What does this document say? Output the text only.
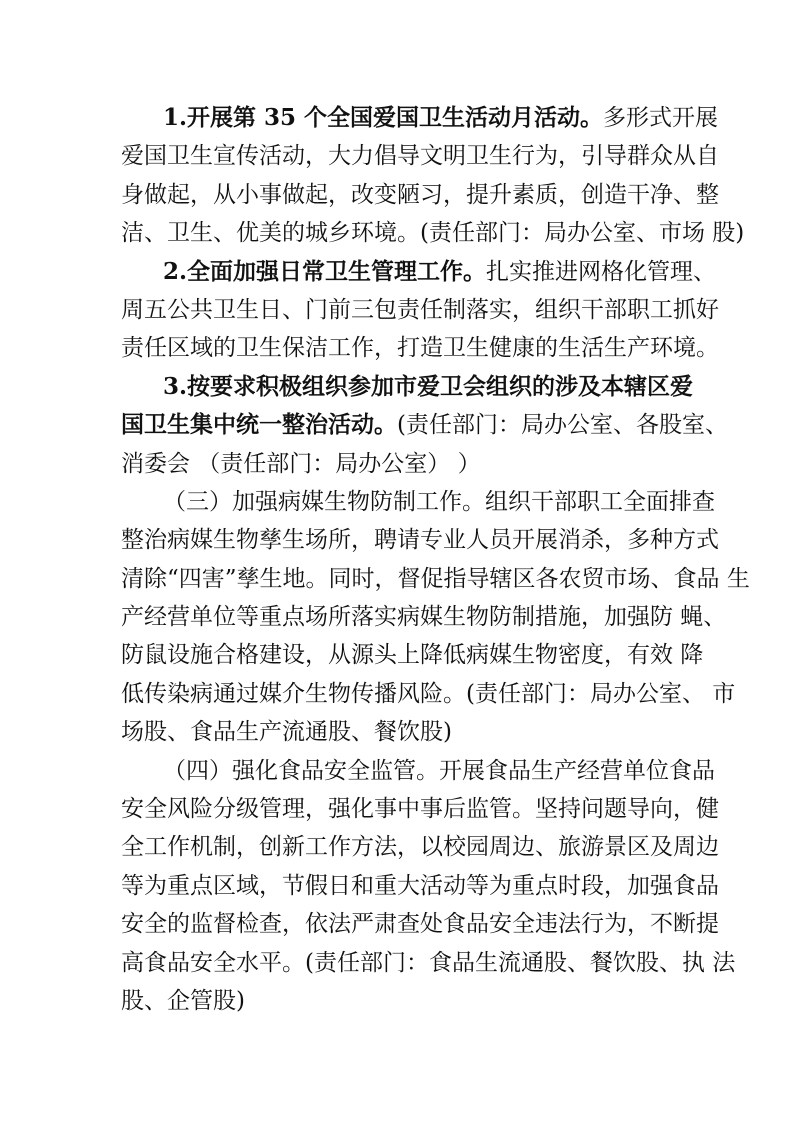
1.开展第 35 个全国爱国卫生活动月活动。多形式开展
爱国卫生宣传活动，大力倡导文明卫生行为，引导群众从自
身做起，从小事做起，改变陋习，提升素质，创造干净、整
洁、卫生、优美的城乡环境。(责任部门：局办公室、市场 股)
2.全面加强日常卫生管理工作。扎实推进网格化管理、
周五公共卫生日、门前三包责任制落实，组织干部职工抓好
责任区域的卫生保洁工作，打造卫生健康的生活生产环境。
3.按要求积极组织参加市爱卫会组织的涉及本辖区爱
国卫生集中统一整治活动。(责任部门：局办公室、各股室、
消委会 （责任部门：局办公室） ）
（三）加强病媒生物防制工作。组织干部职工全面排查
整治病媒生物孳生场所，聘请专业人员开展消杀，多种方式
清除“四害”孳生地。同时，督促指导辖区各农贸市场、食品 生
产经营单位等重点场所落实病媒生物防制措施，加强防 蝇、
防鼠设施合格建设，从源头上降低病媒生物密度，有效 降
低传染病通过媒介生物传播风险。(责任部门：局办公室、 市
场股、食品生产流通股、餐饮股)
（四）强化食品安全监管。开展食品生产经营单位食品
安全风险分级管理，强化事中事后监管。坚持问题导向，健
全工作机制，创新工作方法，以校园周边、旅游景区及周边
等为重点区域，节假日和重大活动等为重点时段，加强食品
安全的监督检查，依法严肃查处食品安全违法行为，不断提
高食品安全水平。(责任部门：食品生流通股、餐饮股、执 法
股、企管股)
